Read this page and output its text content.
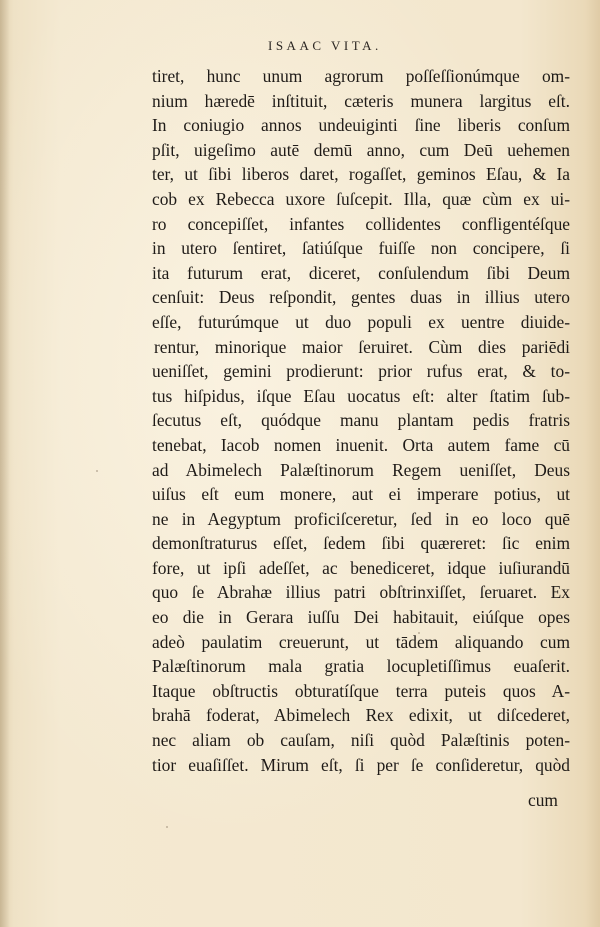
ISAAC VITA.
tiret, hunc unum agrorum poſſeſſionúmque om-
nium hæredē inſtituit, cæteris munera largitus eſt.
In coniugio annos undeuiginti ſine liberis conſum
pſit, uigeſimo autē demū anno, cum Deū uehemen
ter, ut ſibi liberos daret, rogaſſet, geminos Eſau, & Ia
cob ex Rebecca uxore ſuſcepit. Illa, quæ cùm ex ui-
ro concepiſſet, infantes collidentes confligentéſque
in utero ſentiret, ſatiúſque fuiſſe non concipere, ſi
ita futurum erat, diceret, conſulendum ſibi Deum
cenſuit: Deus reſpondit, gentes duas in illius utero
eſſe, futurúmque ut duo populi ex uentre diuide-
rentur, minorique maior ſeruiret. Cùm dies pariēdi
ueniſſet, gemini prodierunt: prior rufus erat, & to-
tus hiſpidus, iſque Eſau uocatus eſt: alter ſtatim ſub-
ſecutus eſt, quódque manu plantam pedis fratris
tenebat, Iacob nomen inuenit. Orta autem fame cū
ad Abimelech Palæſtinorum Regem ueniſſet, Deus
uiſus eſt eum monere, aut ei imperare potius, ut
ne in Aegyptum proficiſceretur, ſed in eo loco quē
demonſtraturus eſſet, ſedem ſibi quæreret: ſic enim
fore, ut ipſi adeſſet, ac benediceret, idque iuſiurandū
quo ſe Abrahæ illius patri obſtrinxiſſet, ſeruaret. Ex
eo die in Gerara iuſſu Dei habitauit, eiúſque opes
adeò paulatim creuerunt, ut tādem aliquando cum
Palæſtinorum mala gratia locupletiſſimus euaſerit.
Itaque obſtructis obturatíſque terra puteis quos A-
brahā foderat, Abimelech Rex edixit, ut diſcederet,
nec aliam ob cauſam, niſi quòd Palæſtinis poten-
tior euaſiſſet. Mirum eſt, ſi per ſe conſideretur, quòd
cum
